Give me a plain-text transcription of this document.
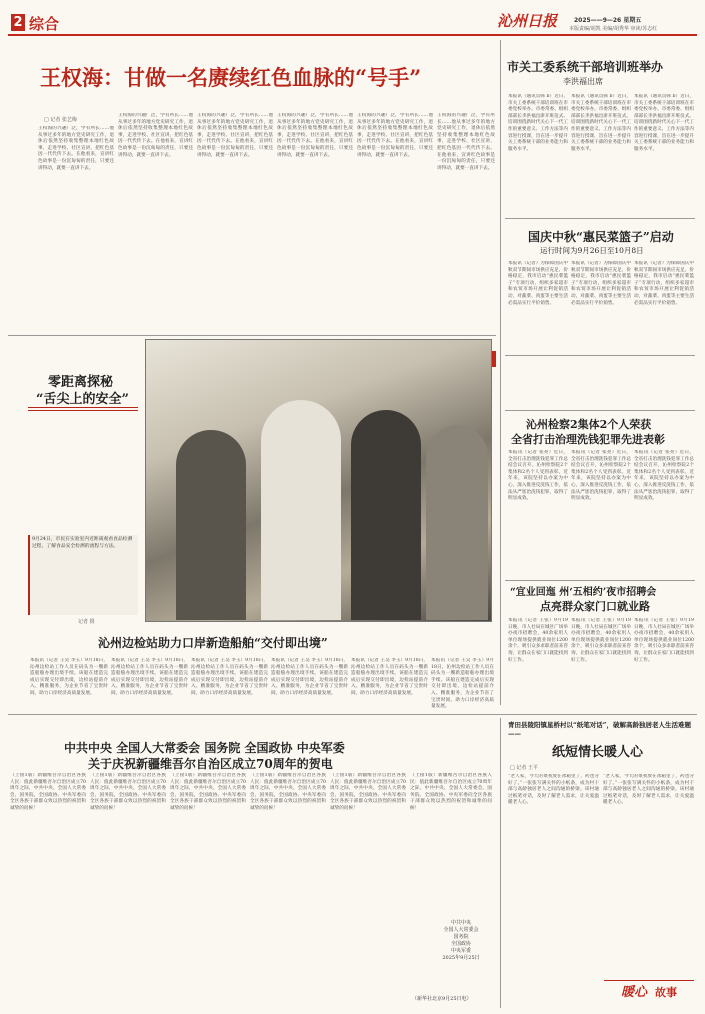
2 综合	沁州日报	2025——9—26 星期五
本版责编/胡凯 美编/胡秀华 审读/苏志红
王权海：甘做一名赓续红色血脉的“号手”
□ 记者 张艺梅
王权海的兴趣广泛，学有所长……他从事过多年的地方党史研究工作，退休后依然坚持收集整理本地红色故事，走进学校、社区宣讲，把红色基因一代代传下去。在他看来，宣讲红色故事是一份沉甸甸的责任，只要还讲得动，就要一直讲下去。
王权海的兴趣广泛，学有所长……他从事过多年的地方党史研究工作，退休后依然坚持收集整理本地红色故事，走进学校、社区宣讲，把红色基因一代代传下去。在他看来，宣讲红色故事是一份沉甸甸的责任，只要还讲得动，就要一直讲下去。
王权海的兴趣广泛，学有所长……他从事过多年的地方党史研究工作，退休后依然坚持收集整理本地红色故事，走进学校、社区宣讲，把红色基因一代代传下去。在他看来，宣讲红色故事是一份沉甸甸的责任，只要还讲得动，就要一直讲下去。
王权海的兴趣广泛，学有所长……他从事过多年的地方党史研究工作，退休后依然坚持收集整理本地红色故事，走进学校、社区宣讲，把红色基因一代代传下去。在他看来，宣讲红色故事是一份沉甸甸的责任，只要还讲得动，就要一直讲下去。
王权海的兴趣广泛，学有所长……他从事过多年的地方党史研究工作，退休后依然坚持收集整理本地红色故事，走进学校、社区宣讲，把红色基因一代代传下去。在他看来，宣讲红色故事是一份沉甸甸的责任，只要还讲得动，就要一直讲下去。
王权海的兴趣广泛，学有所长……他从事过多年的地方党史研究工作，退休后依然坚持收集整理本地红色故事，走进学校、社区宣讲，把红色基因一代代传下去。在他看来，宣讲红色故事是一份沉甸甸的责任，只要还讲得动，就要一直讲下去。
市关工委系统干部培训班举办
李洪福出席
本报讯（通讯员韩 b）近日，市关工委系统干部培训班在市委党校举办。市委常委、组织部部长李洪福出席开班仪式。培训围绕新时代关心下一代工作的重要意义、工作方法等内容进行授课，旨在进一步提升关工委系统干部的业务能力和服务水平。
本报讯（通讯员韩 b）近日，市关工委系统干部培训班在市委党校举办。市委常委、组织部部长李洪福出席开班仪式。培训围绕新时代关心下一代工作的重要意义、工作方法等内容进行授课，旨在进一步提升关工委系统干部的业务能力和服务水平。
本报讯（通讯员韩 b）近日，市关工委系统干部培训班在市委党校举办。市委常委、组织部部长李洪福出席开班仪式。培训围绕新时代关心下一代工作的重要意义、工作方法等内容进行授课，旨在进一步提升关工委系统干部的业务能力和服务水平。
国庆中秋“惠民菜篮子”启动
运行时间为9月26日至10月8日
本报讯（记者）为保障国庆中秋双节期间市场供应充足、价格稳定，我市启动“惠民菜篮子”专项行动，组织多家超市和农贸市场开展让利促销活动，对蔬菜、肉蛋等主要生活必需品实行平价销售。
本报讯（记者）为保障国庆中秋双节期间市场供应充足、价格稳定，我市启动“惠民菜篮子”专项行动，组织多家超市和农贸市场开展让利促销活动，对蔬菜、肉蛋等主要生活必需品实行平价销售。
本报讯（记者）为保障国庆中秋双节期间市场供应充足、价格稳定，我市启动“惠民菜篮子”专项行动，组织多家超市和农贸市场开展让利促销活动，对蔬菜、肉蛋等主要生活必需品实行平价销售。
零距离探秘
“舌尖上的安全”
9月24日，市民在实验室内近距离观看食品检测过程，了解食品安全检测的流程与方法。
记者 摄
沁州检察2集体2个人荣获
全省打击治理洗钱犯罪先进表彰
本报讯（记者 张亮）近日，全省打击治理洗钱犯罪工作总结会议召开，沁州检察院2个集体和2名个人受到表彰。近年来，该院坚持以办案为中心，深入推进反洗钱工作，依法从严惩治洗钱犯罪，取得了明显成效。
本报讯（记者 张亮）近日，全省打击治理洗钱犯罪工作总结会议召开，沁州检察院2个集体和2名个人受到表彰。近年来，该院坚持以办案为中心，深入推进反洗钱工作，依法从严惩治洗钱犯罪，取得了明显成效。
本报讯（记者 张亮）近日，全省打击治理洗钱犯罪工作总结会议召开，沁州检察院2个集体和2名个人受到表彰。近年来，该院坚持以办案为中心，深入推进反洗钱工作，依法从严惩治洗钱犯罪，取得了明显成效。
沁州边检站助力口岸新造船舶“交付即出境”
本报讯（记者 王昊 李玉）9月18日，沁州边检站工作人员在码头为一艘新造船舶办理出境手续。该船在建造完成后实现交付即出境，边检站提前介入、精准服务，为企业节省了宝贵时间，助力口岸经济高质量发展。
本报讯（记者 王昊 李玉）9月18日，沁州边检站工作人员在码头为一艘新造船舶办理出境手续。该船在建造完成后实现交付即出境，边检站提前介入、精准服务，为企业节省了宝贵时间，助力口岸经济高质量发展。
本报讯（记者 王昊 李玉）9月18日，沁州边检站工作人员在码头为一艘新造船舶办理出境手续。该船在建造完成后实现交付即出境，边检站提前介入、精准服务，为企业节省了宝贵时间，助力口岸经济高质量发展。
本报讯（记者 王昊 李玉）9月18日，沁州边检站工作人员在码头为一艘新造船舶办理出境手续。该船在建造完成后实现交付即出境，边检站提前介入、精准服务，为企业节省了宝贵时间，助力口岸经济高质量发展。
本报讯（记者 王昊 李玉）9月18日，沁州边检站工作人员在码头为一艘新造船舶办理出境手续。该船在建造完成后实现交付即出境，边检站提前介入、精准服务，为企业节省了宝贵时间，助力口岸经济高质量发展。
本报讯（记者 王昊 李玉）9月18日，沁州边检站工作人员在码头为一艘新造船舶办理出境手续。该船在建造完成后实现交付即出境，边检站提前介入、精准服务，为企业节省了宝贵时间，助力口岸经济高质量发展。
“宜业回迤 州‘五相约’夜市招聘会
点亮群众家门口就业路
本报讯（记者 王张）9月19日晚，市人社局在城区广场举办夜市招聘会，40余家用人单位现场提供就业岗位1200余个，吸引众多求职者前来咨询，让群众在家门口就能找到好工作。
本报讯（记者 王张）9月19日晚，市人社局在城区广场举办夜市招聘会，40余家用人单位现场提供就业岗位1200余个，吸引众多求职者前来咨询，让群众在家门口就能找到好工作。
本报讯（记者 王张）9月19日晚，市人社局在城区广场举办夜市招聘会，40余家用人单位现场提供就业岗位1200余个，吸引众多求职者前来咨询，让群众在家门口就能找到好工作。
中共中央 全国人大常委会 国务院 全国政协 中央军委
关于庆祝新疆维吾尔自治区成立70周年的贺电
（上接1版）新疆维吾尔自治区各族人民：值此新疆维吾尔自治区成立70周年之际，中共中央、全国人大常委会、国务院、全国政协、中央军委向全区各族干部群众致以热烈的祝贺和诚挚的问候！
（上接1版）新疆维吾尔自治区各族人民：值此新疆维吾尔自治区成立70周年之际，中共中央、全国人大常委会、国务院、全国政协、中央军委向全区各族干部群众致以热烈的祝贺和诚挚的问候！
（上接1版）新疆维吾尔自治区各族人民：值此新疆维吾尔自治区成立70周年之际，中共中央、全国人大常委会、国务院、全国政协、中央军委向全区各族干部群众致以热烈的祝贺和诚挚的问候！
（上接1版）新疆维吾尔自治区各族人民：值此新疆维吾尔自治区成立70周年之际，中共中央、全国人大常委会、国务院、全国政协、中央军委向全区各族干部群众致以热烈的祝贺和诚挚的问候！
（上接1版）新疆维吾尔自治区各族人民：值此新疆维吾尔自治区成立70周年之际，中共中央、全国人大常委会、国务院、全国政协、中央军委向全区各族干部群众致以热烈的祝贺和诚挚的问候！
（上接1版）新疆维吾尔自治区各族人民：值此新疆维吾尔自治区成立70周年之际，中共中央、全国人大常委会、国务院、全国政协、中央军委向全区各族干部群众致以热烈的祝贺和诚挚的问候！
中共中央
全国人大常委会
国务院
全国政协
中央军委
2025年9月25日
（新华社北京9月25日电）
青田县陵阳镇星桥村以“纸笔对话”，破解高龄独居老人生活难题——
纸短情长暖人心
□ 记者 王平
“老人家，今天的菜我放在冰箱里了，药也分好了。”一张张写满关怀的小纸条，成为村干部与高龄独居老人之间沟通的桥梁。该村通过纸笔对话，及时了解老人需求，让关爱温暖老人心。
“老人家，今天的菜我放在冰箱里了，药也分好了。”一张张写满关怀的小纸条，成为村干部与高龄独居老人之间沟通的桥梁。该村通过纸笔对话，及时了解老人需求，让关爱温暖老人心。
暖心 故事
